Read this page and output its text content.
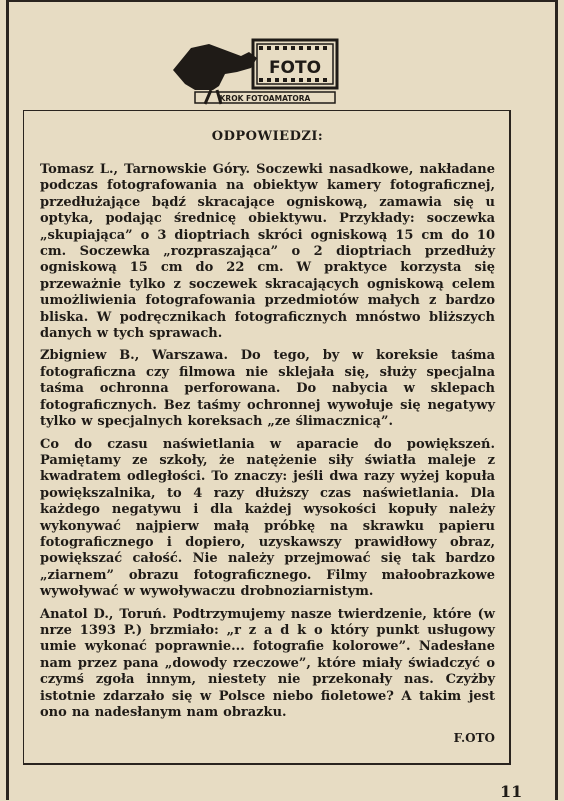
FOTO
KROK FOTOAMATORA
ODPOWIEDZI:

Tomasz L., Tarnowskie Góry. Soczewki nasadkowe, nakładane podczas fotografowania na obiektyw kamery fotograficznej, przedłużające bądź skracające ogniskową, zamawia się u optyka, podając średnicę obiektywu. Przykłady: soczewka „skupiająca” o 3 dioptriach skróci ogniskową 15 cm do 10 cm. Soczewka „rozpraszająca” o 2 dioptriach przedłuży ogniskową 15 cm do 22 cm. W praktyce korzysta się przeważnie tylko z soczewek skracających ogniskową celem umożliwienia fotografowania przedmiotów małych z bardzo bliska. W podręcznikach fotograficznych mnóstwo bliższych danych w tych sprawach.

Zbigniew B., Warszawa. Do tego, by w koreksie taśma fotograficzna czy filmowa nie sklejała się, służy specjalna taśma ochronna perforowana. Do nabycia w sklepach fotograficznych. Bez taśmy ochronnej wywołuje się negatywy tylko w specjalnych koreksach „ze ślimacznicą”.

Co do czasu naświetlania w aparacie do powiększeń. Pamiętamy ze szkoły, że natężenie siły światła maleje z kwadratem odległości. To znaczy: jeśli dwa razy wyżej kopuła powiększalnika, to 4 razy dłuższy czas naświetlania. Dla każdego negatywu i dla każdej wysokości kopuły należy wykonywać najpierw małą próbkę na skrawku papieru fotograficznego i dopiero, uzyskawszy prawidłowy obraz, powiększać całość. Nie należy przejmować się tak bardzo „ziarnem” obrazu fotograficznego. Filmy małoobrazkowe wywoływać w wywoływaczu drobnoziarnistym.

Anatol D., Toruń. Podtrzymujemy nasze twierdzenie, które (w nrze 1393 P.) brzmiało: „r z a d k o który punkt usługowy umie wykonać poprawnie... fotografie kolorowe”. Nadesłane nam przez pana „dowody rzeczowe”, które miały świadczyć o czymś zgoła innym, niestety nie przekonały nas. Czyżby istotnie zdarzało się w Polsce niebo fioletowe? A takim jest ono na nadesłanym nam obrazku.

F.OTO
11
